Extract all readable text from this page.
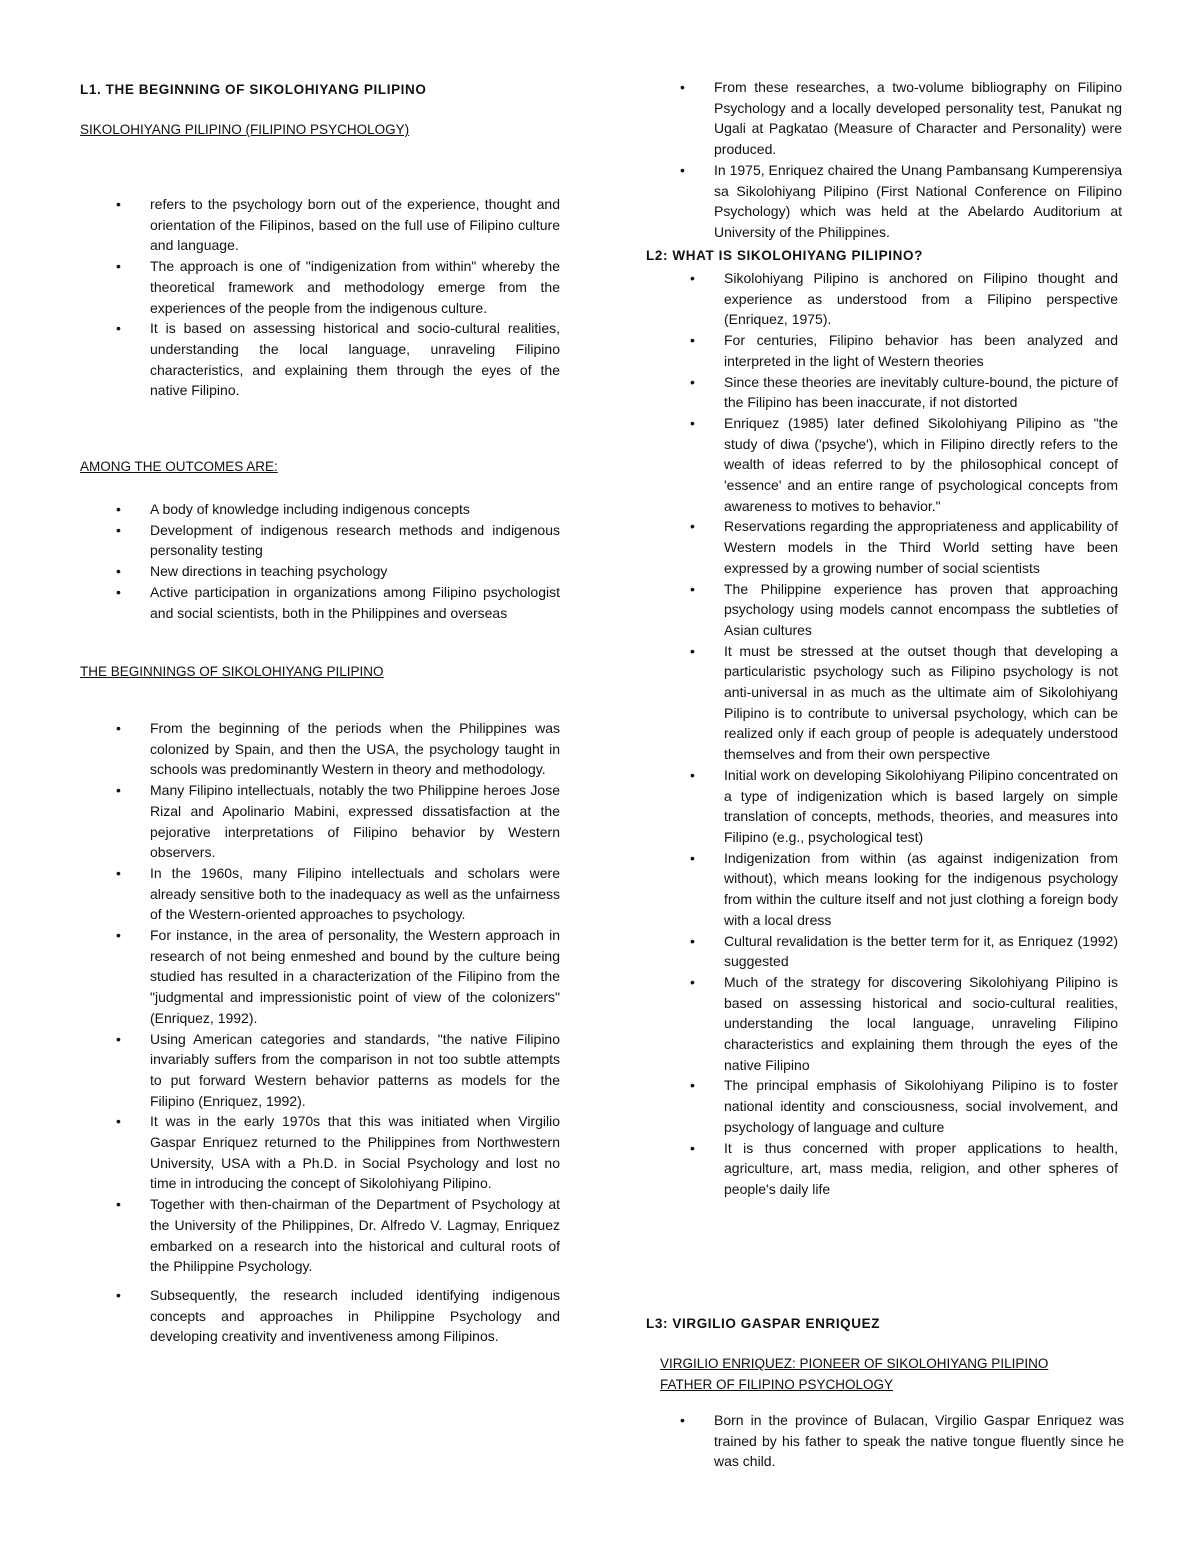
L1. THE BEGINNING OF SIKOLOHIYANG PILIPINO

SIKOLOHIYANG PILIPINO (FILIPINO PSYCHOLOGY)

• refers to the psychology born out of the experience, thought and orientation of the Filipinos, based on the full use of Filipino culture and language.
• The approach is one of "indigenization from within" whereby the theoretical framework and methodology emerge from the experiences of the people from the indigenous culture.
• It is based on assessing historical and socio-cultural realities, understanding the local language, unraveling Filipino characteristics, and explaining them through the eyes of the native Filipino.

AMONG THE OUTCOMES ARE:

• A body of knowledge including indigenous concepts
• Development of indigenous research methods and indigenous personality testing
• New directions in teaching psychology
• Active participation in organizations among Filipino psychologist and social scientists, both in the Philippines and overseas

THE BEGINNINGS OF SIKOLOHIYANG PILIPINO

• From the beginning of the periods when the Philippines was colonized by Spain, and then the USA, the psychology taught in schools was predominantly Western in theory and methodology.
• Many Filipino intellectuals, notably the two Philippine heroes Jose Rizal and Apolinario Mabini, expressed dissatisfaction at the pejorative interpretations of Filipino behavior by Western observers.
• In the 1960s, many Filipino intellectuals and scholars were already sensitive both to the inadequacy as well as the unfairness of the Western-oriented approaches to psychology.
• For instance, in the area of personality, the Western approach in research of not being enmeshed and bound by the culture being studied has resulted in a characterization of the Filipino from the "judgmental and impressionistic point of view of the colonizers" (Enriquez, 1992).
• Using American categories and standards, "the native Filipino invariably suffers from the comparison in not too subtle attempts to put forward Western behavior patterns as models for the Filipino (Enriquez, 1992).
• It was in the early 1970s that this was initiated when Virgilio Gaspar Enriquez returned to the Philippines from Northwestern University, USA with a Ph.D. in Social Psychology and lost no time in introducing the concept of Sikolohiyang Pilipino.
• Together with then-chairman of the Department of Psychology at the University of the Philippines, Dr. Alfredo V. Lagmay, Enriquez embarked on a research into the historical and cultural roots of the Philippine Psychology.
• Subsequently, the research included identifying indigenous concepts and approaches in Philippine Psychology and developing creativity and inventiveness among Filipinos.
• From these researches, a two-volume bibliography on Filipino Psychology and a locally developed personality test, Panukat ng Ugali at Pagkatao (Measure of Character and Personality) were produced.
• In 1975, Enriquez chaired the Unang Pambansang Kumperensiya sa Sikolohiyang Pilipino (First National Conference on Filipino Psychology) which was held at the Abelardo Auditorium at University of the Philippines.
L2: WHAT IS SIKOLOHIYANG PILIPINO?
• Sikolohiyang Pilipino is anchored on Filipino thought and experience as understood from a Filipino perspective (Enriquez, 1975).
• For centuries, Filipino behavior has been analyzed and interpreted in the light of Western theories
• Since these theories are inevitably culture-bound, the picture of the Filipino has been inaccurate, if not distorted
• Enriquez (1985) later defined Sikolohiyang Pilipino as "the study of diwa ('psyche'), which in Filipino directly refers to the wealth of ideas referred to by the philosophical concept of 'essence' and an entire range of psychological concepts from awareness to motives to behavior."
• Reservations regarding the appropriateness and applicability of Western models in the Third World setting have been expressed by a growing number of social scientists
• The Philippine experience has proven that approaching psychology using models cannot encompass the subtleties of Asian cultures
• It must be stressed at the outset though that developing a particularistic psychology such as Filipino psychology is not anti-universal in as much as the ultimate aim of Sikolohiyang Pilipino is to contribute to universal psychology, which can be realized only if each group of people is adequately understood themselves and from their own perspective
• Initial work on developing Sikolohiyang Pilipino concentrated on a type of indigenization which is based largely on simple translation of concepts, methods, theories, and measures into Filipino (e.g., psychological test)
• Indigenization from within (as against indigenization from without), which means looking for the indigenous psychology from within the culture itself and not just clothing a foreign body with a local dress
• Cultural revalidation is the better term for it, as Enriquez (1992) suggested
• Much of the strategy for discovering Sikolohiyang Pilipino is based on assessing historical and socio-cultural realities, understanding the local language, unraveling Filipino characteristics and explaining them through the eyes of the native Filipino
• The principal emphasis of Sikolohiyang Pilipino is to foster national identity and consciousness, social involvement, and psychology of language and culture
• It is thus concerned with proper applications to health, agriculture, art, mass media, religion, and other spheres of people's daily life
L3: VIRGILIO GASPAR ENRIQUEZ

VIRGILIO ENRIQUEZ: PIONEER OF SIKOLOHIYANG PILIPINO FATHER OF FILIPINO PSYCHOLOGY

• Born in the province of Bulacan, Virgilio Gaspar Enriquez was trained by his father to speak the native tongue fluently since he was child.
